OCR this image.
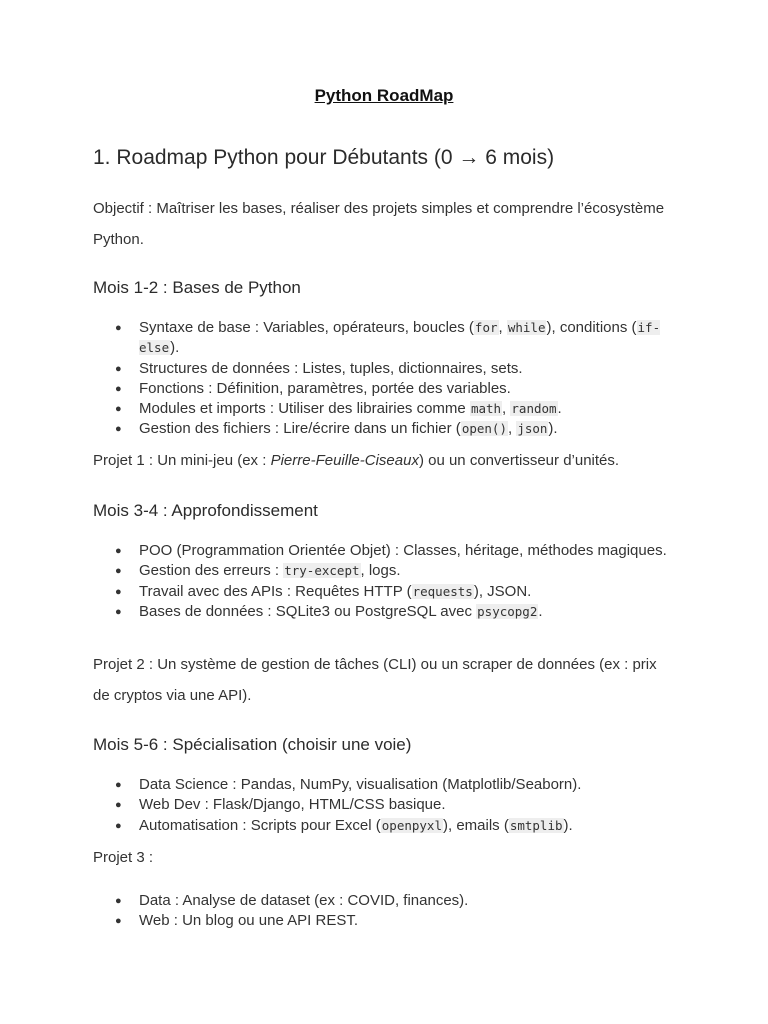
Python RoadMap
1. Roadmap Python pour Débutants (0 → 6 mois)

Objectif : Maîtriser les bases, réaliser des projets simples et comprendre l’écosystème Python.

Mois 1-2 : Bases de Python
● Syntaxe de base : Variables, opérateurs, boucles (for, while), conditions (if-else).
● Structures de données : Listes, tuples, dictionnaires, sets.
● Fonctions : Définition, paramètres, portée des variables.
● Modules et imports : Utiliser des librairies comme math, random.
● Gestion des fichiers : Lire/écrire dans un fichier (open(), json).

Projet 1 : Un mini-jeu (ex : Pierre-Feuille-Ciseaux) ou un convertisseur d’unités.

Mois 3-4 : Approfondissement
● POO (Programmation Orientée Objet) : Classes, héritage, méthodes magiques.
● Gestion des erreurs : try-except, logs.
● Travail avec des APIs : Requêtes HTTP (requests), JSON.
● Bases de données : SQLite3 ou PostgreSQL avec psycopg2.

Projet 2 : Un système de gestion de tâches (CLI) ou un scraper de données (ex : prix de cryptos via une API).

Mois 5-6 : Spécialisation (choisir une voie)
● Data Science : Pandas, NumPy, visualisation (Matplotlib/Seaborn).
● Web Dev : Flask/Django, HTML/CSS basique.
● Automatisation : Scripts pour Excel (openpyxl), emails (smtplib).

Projet 3 :

● Data : Analyse de dataset (ex : COVID, finances).
● Web : Un blog ou une API REST.
